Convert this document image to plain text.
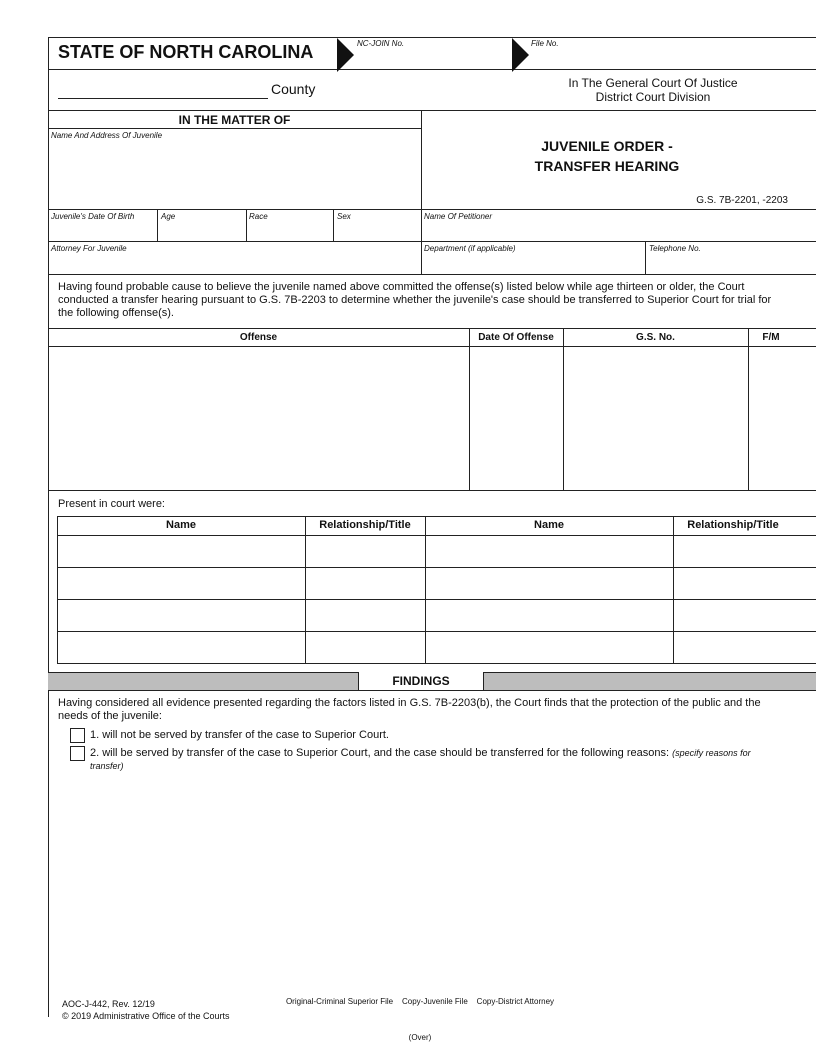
STATE OF NORTH CAROLINA	NC-JOIN No.	File No.
County	In The General Court Of Justice
District Court Division
IN THE MATTER OF
Name And Address Of Juvenile
JUVENILE ORDER -
TRANSFER HEARING
G.S. 7B-2201, -2203
Juvenile's Date Of Birth	Age	Race	Sex	Name Of Petitioner
Attorney For Juvenile	Department (if applicable)	Telephone No.
Having found probable cause to believe the juvenile named above committed the offense(s) listed below while age thirteen or older, the Court conducted a transfer hearing pursuant to G.S. 7B-2203 to determine whether the juvenile's case should be transferred to Superior Court for trial for the following offense(s).
Offense	Date Of Offense	G.S. No.	F/M
Present in court were:
Name	Relationship/Title	Name	Relationship/Title
FINDINGS
Having considered all evidence presented regarding the factors listed in G.S. 7B-2203(b), the Court finds that the protection of the public and the needs of the juvenile:
1. will not be served by transfer of the case to Superior Court.
2. will be served by transfer of the case to Superior Court, and the case should be transferred for the following reasons: (specify reasons for transfer)

Original-Criminal Superior File    Copy-Juvenile File    Copy-District Attorney

(Over)

AOC-J-442, Rev. 12/19
© 2019 Administrative Office of the Courts
